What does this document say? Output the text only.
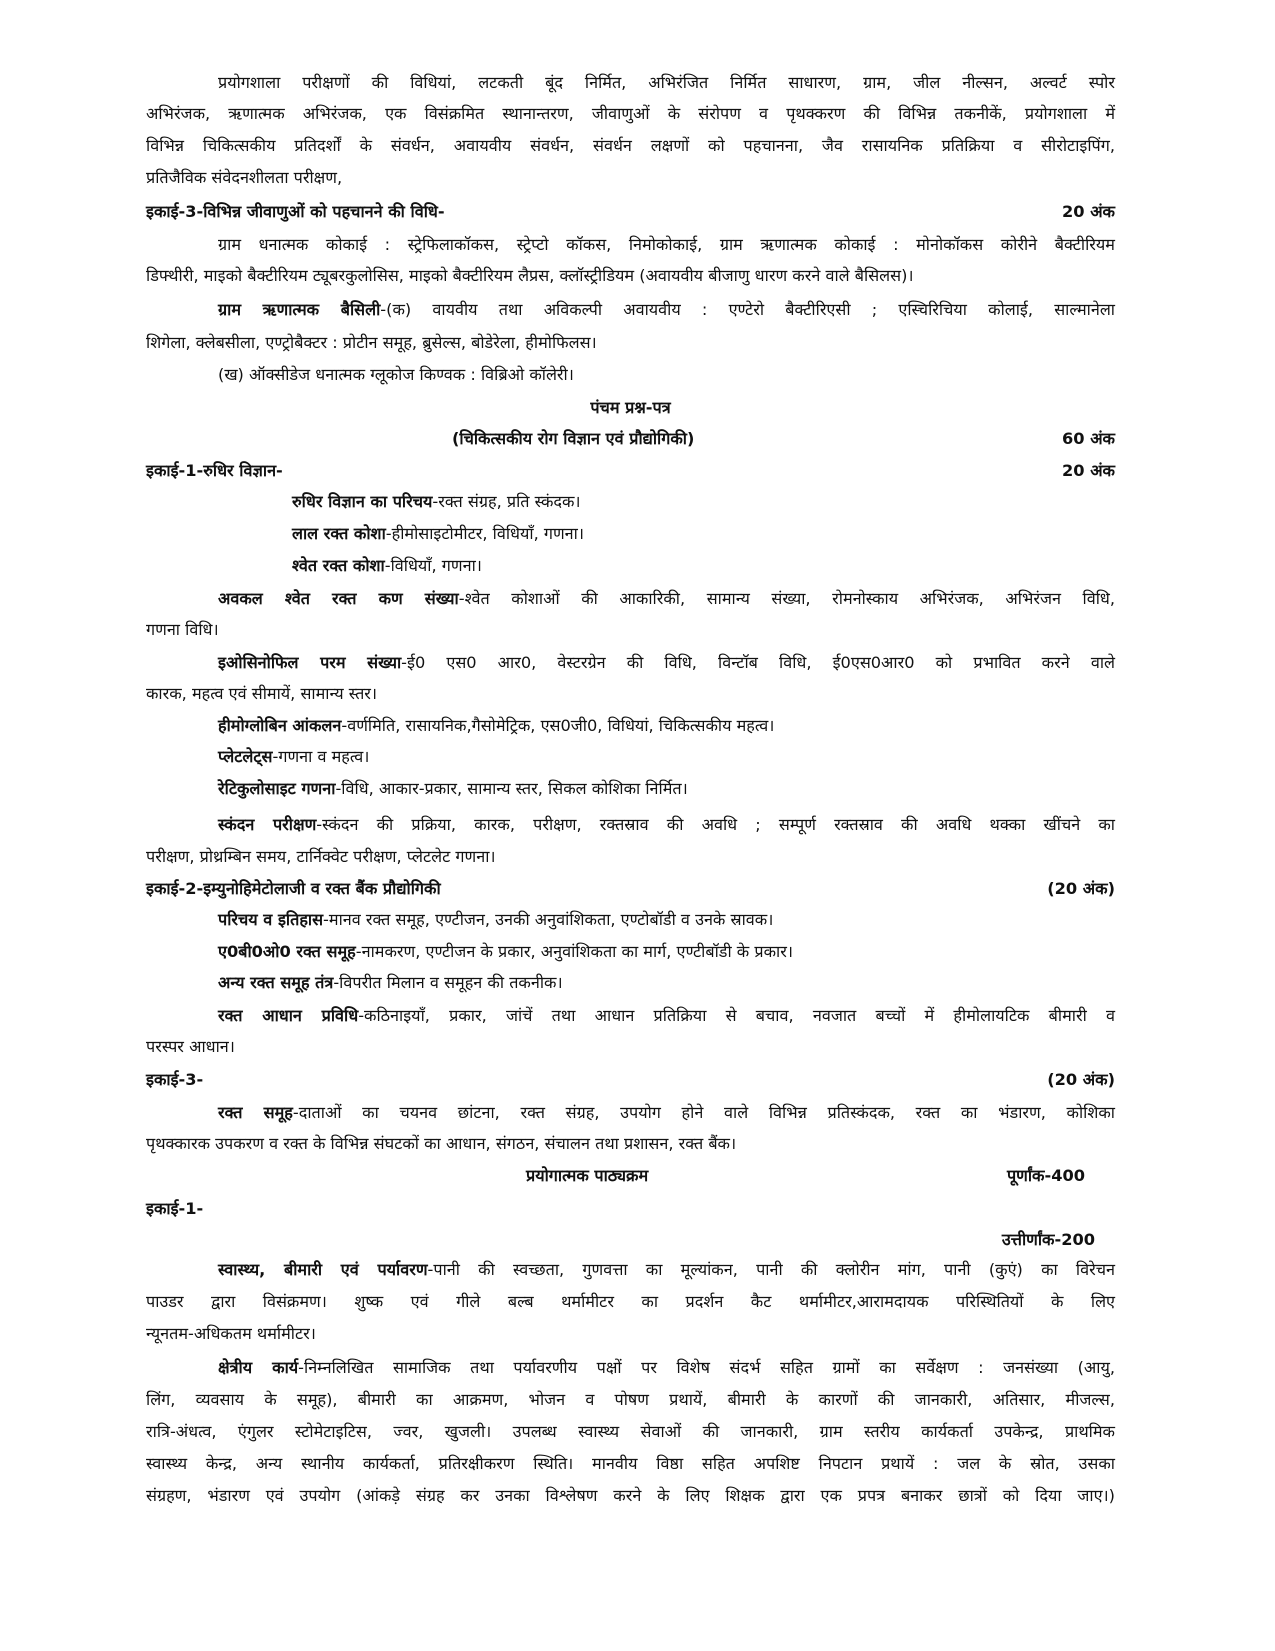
प्रयोगशाला परीक्षणों की विधियां, लटकती बूंद निर्मित, अभिरंजित निर्मित साधारण, ग्राम, जील नील्सन, अल्वर्ट स्पोर
अभिरंजक, ऋणात्मक अभिरंजक, एक विसंक्रमित स्थानान्तरण, जीवाणुओं के संरोपण व पृथक्करण की विभिन्न तकनीकें, प्रयोगशाला में
विभिन्न चिकित्सकीय प्रतिदर्शों के संवर्धन, अवायवीय संवर्धन, संवर्धन लक्षणों को पहचानना, जैव रासायनिक प्रतिक्रिया व सीरोटाइपिंग,
प्रतिजैविक संवेदनशीलता परीक्षण,
इकाई-3-विभिन्न जीवाणुओं को पहचानने की विधि-	20 अंक
ग्राम धनात्मक कोकाई : स्ट्रेफिलाकॉकस, स्ट्रेप्टो कॉकस, निमोकोकाई, ग्राम ऋणात्मक कोकाई : मोनोकॉकस कोरीने बैक्टीरियम
डिफ्थीरी, माइको बैक्टीरियम ट्यूबरकुलोसिस, माइको बैक्टीरियम लैप्रस, क्लॉस्ट्रीडियम (अवायवीय बीजाणु धारण करने वाले बैसिलस)।
ग्राम ऋणात्मक बैसिली-(क) वायवीय तथा अविकल्पी अवायवीय : एण्टेरो बैक्टीरिएसी ; एस्चिरिचिया कोलाई, साल्मानेला
शिगेला, क्लेबसीला, एण्ट्रोबैक्टर : प्रोटीन समूह, ब्रुसेल्स, बोडेरेला, हीमोफिलस।
(ख) ऑक्सीडेज धनात्मक ग्लूकोज किण्वक : विब्रिओ कॉलेरी।
पंचम प्रश्न-पत्र
(चिकित्सकीय रोग विज्ञान एवं प्रौद्योगिकी)	60 अंक
इकाई-1-रुधिर विज्ञान-	20 अंक
रुधिर विज्ञान का परिचय-रक्त संग्रह, प्रति स्कंदक।
लाल रक्त कोशा-हीमोसाइटोमीटर, विधियाँ, गणना।
श्वेत रक्त कोशा-विधियाँ, गणना।
अवकल श्वेत रक्त कण संख्या-श्वेत कोशाओं की आकारिकी, सामान्य संख्या, रोमनोस्काय अभिरंजक, अभिरंजन विधि,
गणना विधि।
इओसिनोफिल परम संख्या-ई0 एस0 आर0, वेस्टरग्रेन की विधि, विन्टॉब विधि, ई0एस0आर0 को प्रभावित करने वाले
कारक, महत्व एवं सीमायें, सामान्य स्तर।
हीमोग्लोबिन आंकलन-वर्णमिति, रासायनिक,गैसोमेट्रिक, एस0जी0, विधियां, चिकित्सकीय महत्व।
प्लेटलेट्स-गणना व महत्व।
रेटिकुलोसाइट गणना-विधि, आकार-प्रकार, सामान्य स्तर, सिकल कोशिका निर्मित।
स्कंदन परीक्षण-स्कंदन की प्रक्रिया, कारक, परीक्षण, रक्तस्राव की अवधि ; सम्पूर्ण रक्तस्राव की अवधि थक्का खींचने का
परीक्षण, प्रोथ्रम्बिन समय, टार्निक्वेट परीक्षण, प्लेटलेट गणना।
इकाई-2-इम्युनोहिमेटोलाजी व रक्त बैंक प्रौद्योगिकी	(20 अंक)
परिचय व इतिहास-मानव रक्त समूह, एण्टीजन, उनकी अनुवांशिकता, एण्टोबॉडी व उनके स्रावक।
ए0बी0ओ0 रक्त समूह-नामकरण, एण्टीजन के प्रकार, अनुवांशिकता का मार्ग, एण्टीबॉडी के प्रकार।
अन्य रक्त समूह तंत्र-विपरीत मिलान व समूहन की तकनीक।
रक्त आधान प्रविधि-कठिनाइयाँ, प्रकार, जांचें तथा आधान प्रतिक्रिया से बचाव, नवजात बच्चों में हीमोलायटिक बीमारी व
परस्पर आधान।
इकाई-3-	(20 अंक)
रक्त समूह-दाताओं का चयनव छांटना, रक्त संग्रह, उपयोग होने वाले विभिन्न प्रतिस्कंदक, रक्त का भंडारण, कोशिका
पृथक्कारक उपकरण व रक्त के विभिन्न संघटकों का आधान, संगठन, संचालन तथा प्रशासन, रक्त बैंक।
प्रयोगात्मक पाठ्यक्रम	पूर्णांक-400
इकाई-1-
उत्तीर्णांक-200
स्वास्थ्य, बीमारी एवं पर्यावरण-पानी की स्वच्छता, गुणवत्ता का मूल्यांकन, पानी की क्लोरीन मांग, पानी (कुएं) का विरेचन
पाउडर द्वारा विसंक्रमण। शुष्क एवं गीले बल्ब थर्मामीटर का प्रदर्शन कैट थर्मामीटर,आरामदायक परिस्थितियों के लिए
न्यूनतम-अधिकतम थर्मामीटर।
क्षेत्रीय कार्य-निम्नलिखित सामाजिक तथा पर्यावरणीय पक्षों पर विशेष संदर्भ सहित ग्रामों का सर्वेक्षण : जनसंख्या (आयु,
लिंग, व्यवसाय के समूह), बीमारी का आक्रमण, भोजन व पोषण प्रथायें, बीमारी के कारणों की जानकारी, अतिसार, मीजल्स,
रात्रि-अंधत्व, एंगुलर स्टोमेटाइटिस, ज्वर, खुजली। उपलब्ध स्वास्थ्य सेवाओं की जानकारी, ग्राम स्तरीय कार्यकर्ता उपकेन्द्र, प्राथमिक
स्वास्थ्य केन्द्र, अन्य स्थानीय कार्यकर्ता, प्रतिरक्षीकरण स्थिति। मानवीय विष्ठा सहित अपशिष्ट निपटान प्रथायें : जल के स्रोत, उसका
संग्रहण, भंडारण एवं उपयोग (आंकड़े संग्रह कर उनका विश्लेषण करने के लिए शिक्षक द्वारा एक प्रपत्र बनाकर छात्रों को दिया जाए।)
